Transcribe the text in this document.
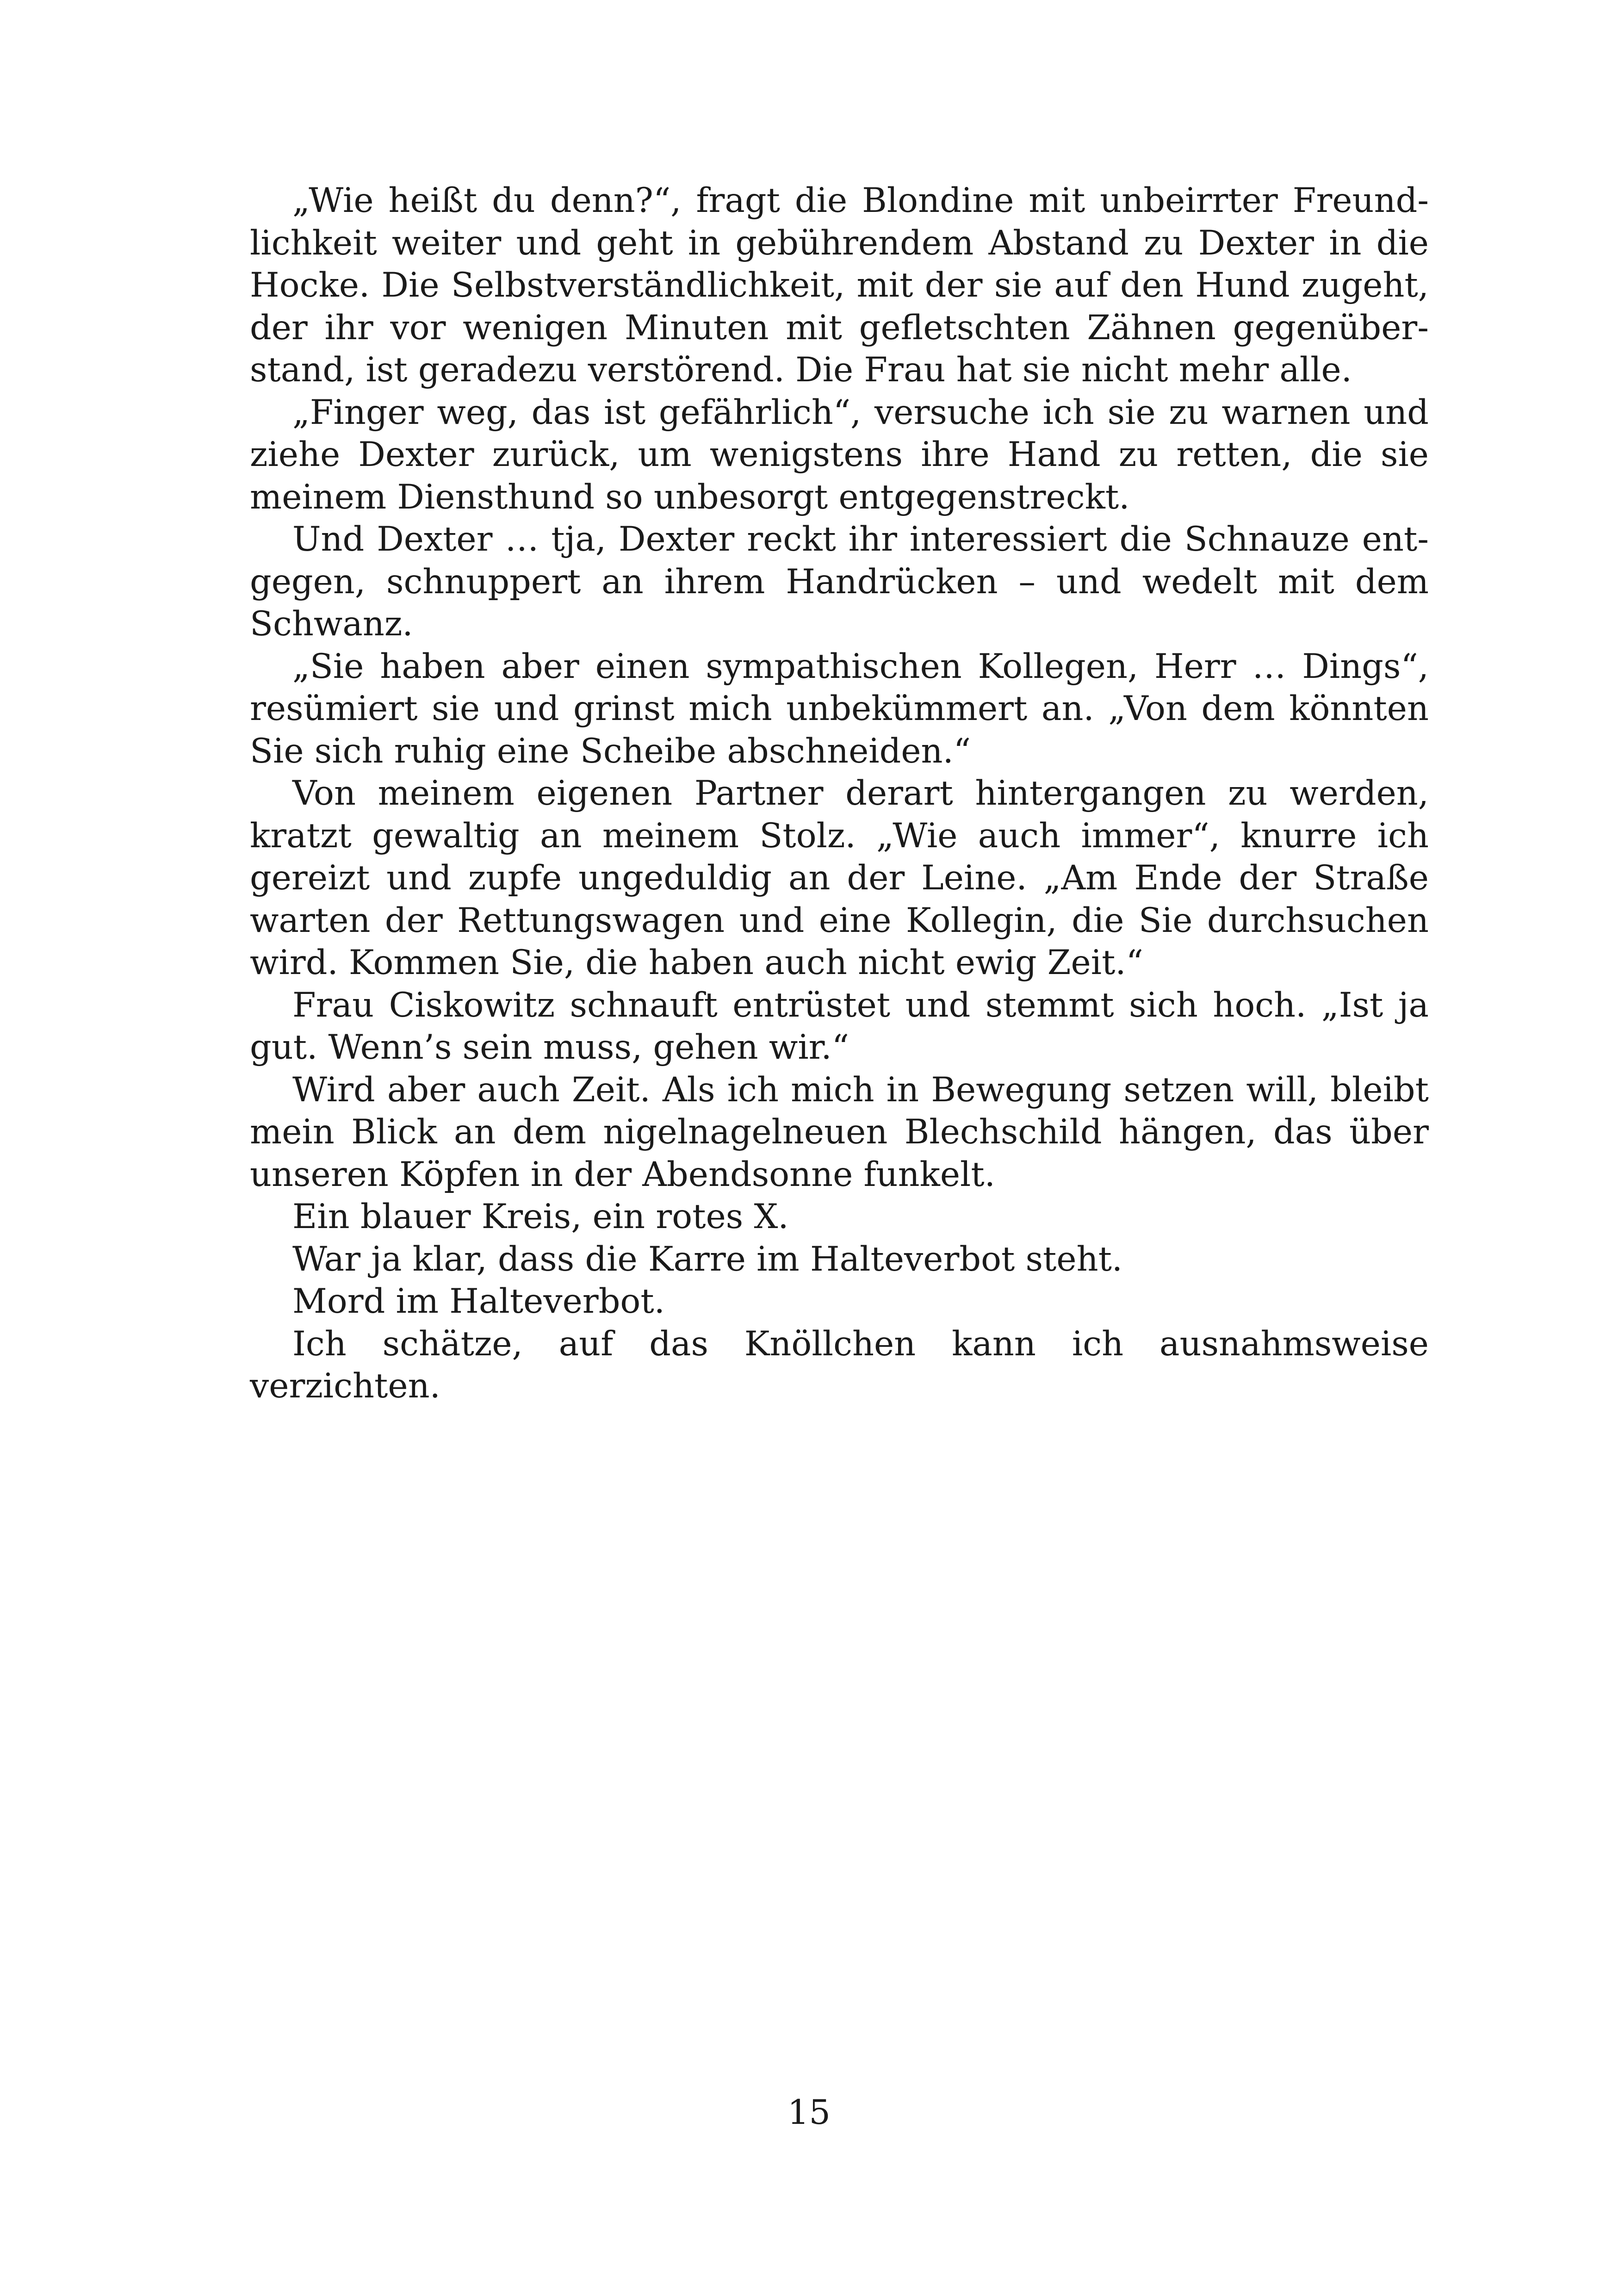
„Wie heißt du denn?“, fragt die Blondine mit unbeirrter Freundlichkeit weiter und geht in gebührendem Abstand zu Dexter in die Hocke. Die Selbstverständlichkeit, mit der sie auf den Hund zugeht, der ihr vor wenigen Minuten mit gefletschten Zähnen gegenüberstand, ist geradezu verstörend. Die Frau hat sie nicht mehr alle.

„Finger weg, das ist gefährlich“, versuche ich sie zu warnen und ziehe Dexter zurück, um wenigstens ihre Hand zu retten, die sie meinem Diensthund so unbesorgt entgegenstreckt.

Und Dexter … tja, Dexter reckt ihr interessiert die Schnauze entgegen, schnuppert an ihrem Handrücken – und wedelt mit dem Schwanz.

„Sie haben aber einen sympathischen Kollegen, Herr … Dings“, resümiert sie und grinst mich unbekümmert an. „Von dem könnten Sie sich ruhig eine Scheibe abschneiden.“

Von meinem eigenen Partner derart hintergangen zu werden, kratzt gewaltig an meinem Stolz. „Wie auch immer“, knurre ich gereizt und zupfe ungeduldig an der Leine. „Am Ende der Straße warten der Rettungswagen und eine Kollegin, die Sie durchsuchen wird. Kommen Sie, die haben auch nicht ewig Zeit.“

Frau Ciskowitz schnauft entrüstet und stemmt sich hoch. „Ist ja gut. Wenn’s sein muss, gehen wir.“

Wird aber auch Zeit. Als ich mich in Bewegung setzen will, bleibt mein Blick an dem nigelnagelneuen Blechschild hängen, das über unseren Köpfen in der Abendsonne funkelt.

Ein blauer Kreis, ein rotes X.

War ja klar, dass die Karre im Halteverbot steht.

Mord im Halteverbot.

Ich schätze, auf das Knöllchen kann ich ausnahmsweise verzichten.

15
